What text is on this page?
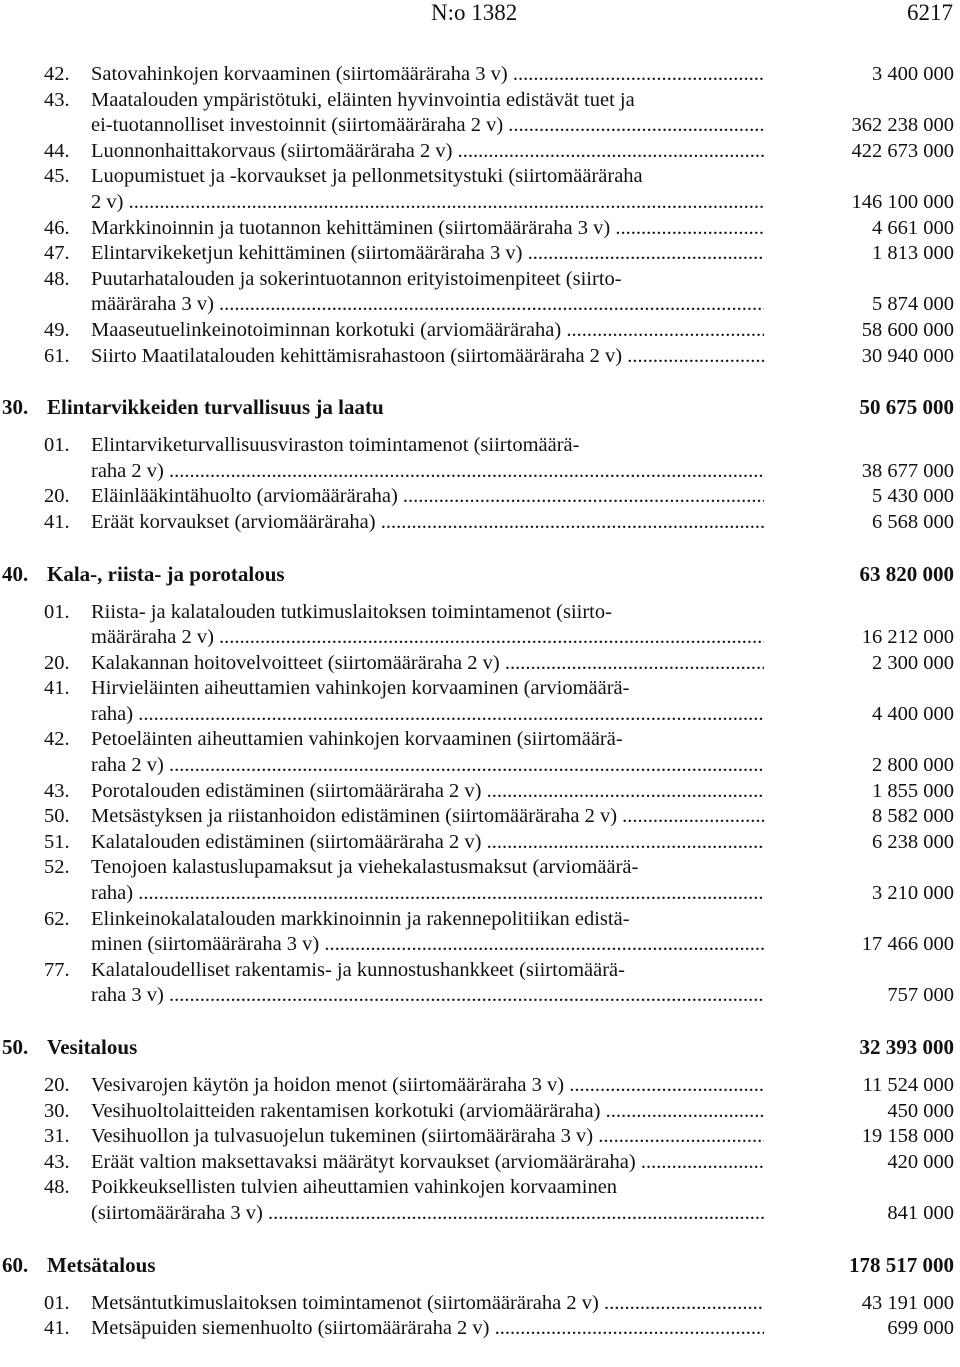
N:o 1382	6217
42.	Satovahinkojen korvaaminen (siirtomääräraha 3 v) .....	3 400 000
43.	Maatalouden ympäristötuki, eläinten hyvinvointia edistävät tuet ja
ei-tuotannolliset investoinnit (siirtomääräraha 2 v) .....	362 238 000
44.	Luonnonhaittakorvaus (siirtomääräraha 2 v) .....	422 673 000
45.	Luopumistuet ja -korvaukset ja pellonmetsitystuki (siirtomääräraha
2 v) .....	146 100 000
46.	Markkinoinnin ja tuotannon kehittäminen (siirtomääräraha 3 v) .....	4 661 000
47.	Elintarvikeketjun kehittäminen (siirtomääräraha 3 v) .....	1 813 000
48.	Puutarhatalouden ja sokerintuotannon erityistoimenpiteet (siirto-
määräraha 3 v) .....	5 874 000
49.	Maaseutuelinkeinotoiminnan korkotuki (arviomääräraha) .....	58 600 000
61.	Siirto Maatilatalouden kehittämisrahastoon (siirtomääräraha 2 v) .....	30 940 000
30. Elintarvikkeiden turvallisuus ja laatu	50 675 000
01.	Elintarviketurvallisuusviraston toimintamenot (siirtomäärä-
raha 2 v) .....	38 677 000
20.	Eläinlääkintähuolto (arviomääräraha) .....	5 430 000
41.	Eräät korvaukset (arviomääräraha) .....	6 568 000
40. Kala-, riista- ja porotalous	63 820 000
01.	Riista- ja kalatalouden tutkimuslaitoksen toimintamenot (siirto-
määräraha 2 v) .....	16 212 000
20.	Kalakannan hoitovelvoitteet (siirtomääräraha 2 v) .....	2 300 000
41.	Hirvieläinten aiheuttamien vahinkojen korvaaminen (arviomäärä-
raha) .....	4 400 000
42.	Petoeläinten aiheuttamien vahinkojen korvaaminen (siirtomäärä-
raha 2 v) .....	2 800 000
43.	Porotalouden edistäminen (siirtomääräraha 2 v) .....	1 855 000
50.	Metsästyksen ja riistanhoidon edistäminen (siirtomääräraha 2 v) .....	8 582 000
51.	Kalatalouden edistäminen (siirtomääräraha 2 v) .....	6 238 000
52.	Tenojoen kalastuslupamaksut ja viehekalastusmaksut (arviomäärä-
raha) .....	3 210 000
62.	Elinkeinokalatalouden markkinoinnin ja rakennepolitiikan edistä-
minen (siirtomääräraha 3 v) .....	17 466 000
77.	Kalataloudelliset rakentamis- ja kunnostushankkeet (siirtomäärä-
raha 3 v) .....	757 000
50. Vesitalous	32 393 000
20.	Vesivarojen käytön ja hoidon menot (siirtomääräraha 3 v) .....	11 524 000
30.	Vesihuoltolaitteiden rakentamisen korkotuki (arviomääräraha) .....	450 000
31.	Vesihuollon ja tulvasuojelun tukeminen (siirtomääräraha 3 v) .....	19 158 000
43.	Eräät valtion maksettavaksi määrätyt korvaukset (arviomääräraha) .....	420 000
48.	Poikkeuksellisten tulvien aiheuttamien vahinkojen korvaaminen
(siirtomääräraha 3 v) .....	841 000
60. Metsätalous	178 517 000
01.	Metsäntutkimuslaitoksen toimintamenot (siirtomääräraha 2 v) .....	43 191 000
41.	Metsäpuiden siemenhuolto (siirtomääräraha 2 v) .....	699 000
